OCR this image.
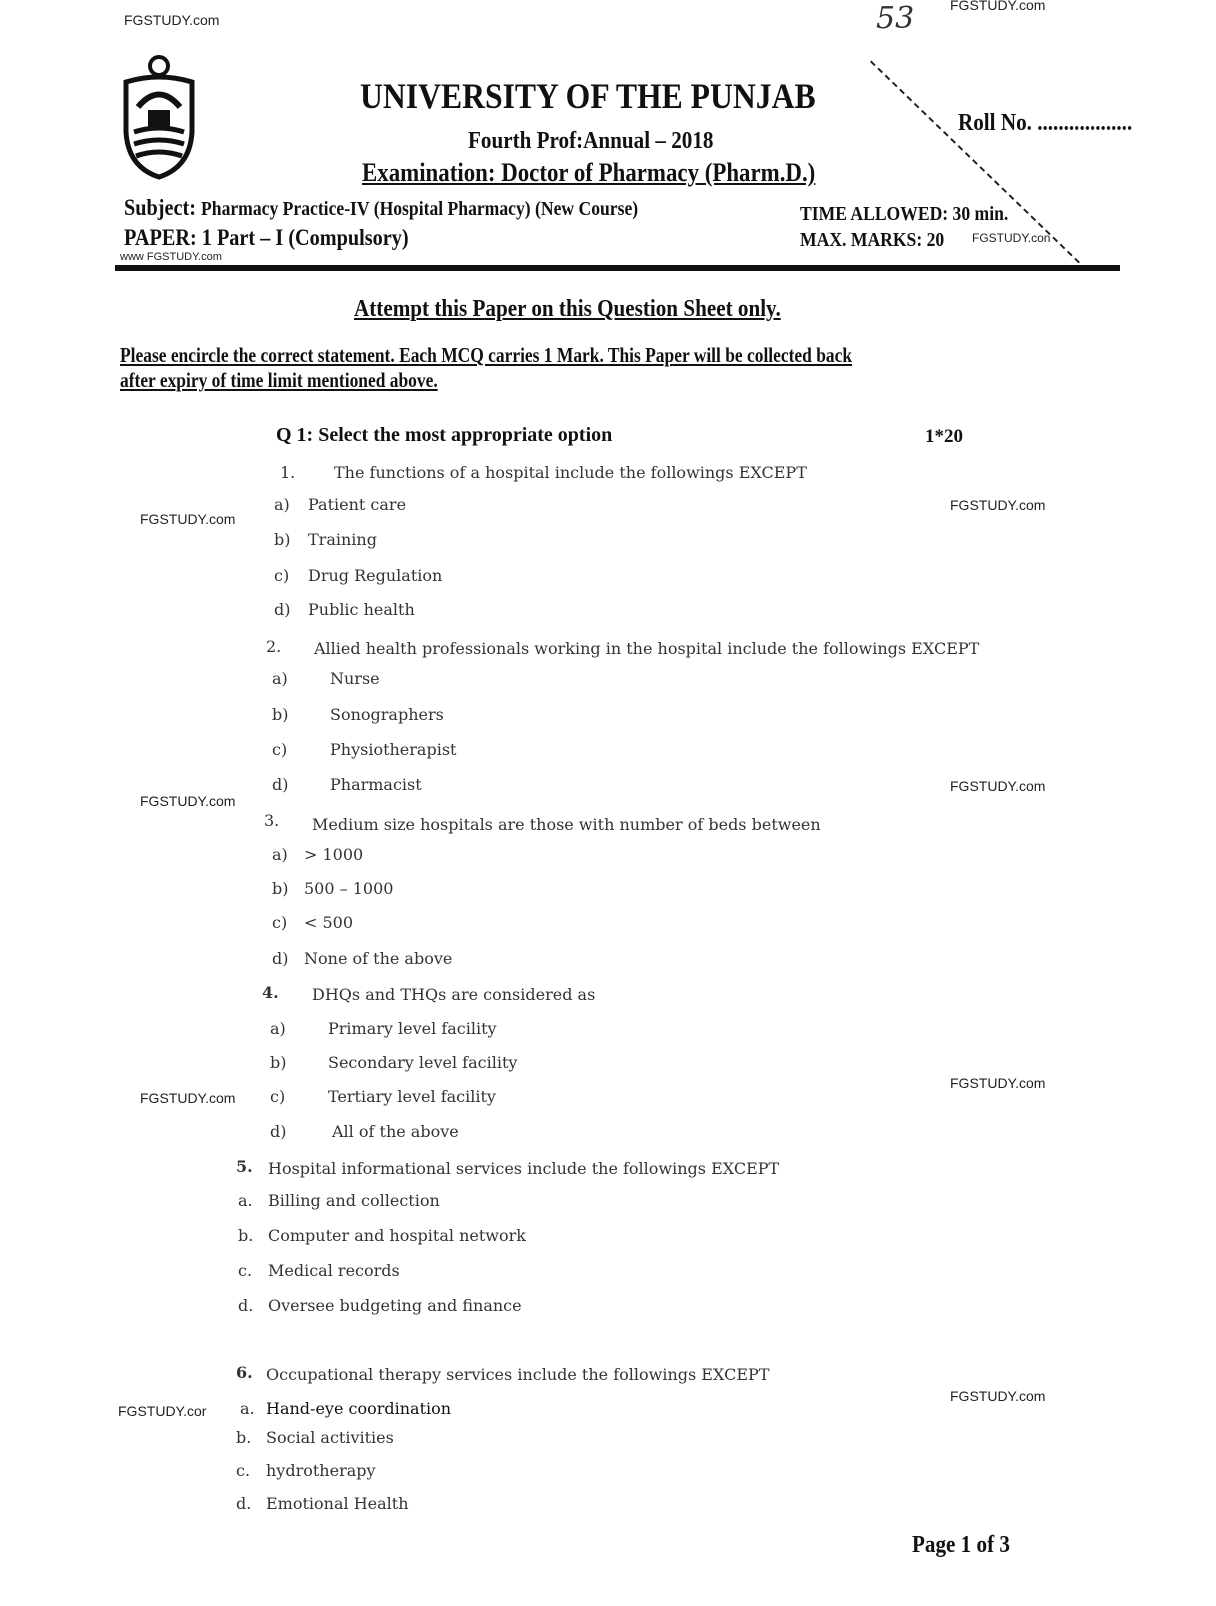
FGSTUDY.com
FGSTUDY.com
53
UNIVERSITY OF THE PUNJAB
Roll No. ..................
Fourth Prof:Annual – 2018
Examination: Doctor of Pharmacy (Pharm.D.)
Subject: Pharmacy Practice-IV (Hospital Pharmacy) (New Course)
PAPER: 1 Part – I (Compulsory)
TIME ALLOWED: 30 min.
MAX. MARKS: 20 FGSTUDY.con
www FGSTUDY.com
Attempt this Paper on this Question Sheet only.
Please encircle the correct statement. Each MCQ carries 1 Mark. This Paper will be collected back
after expiry of time limit mentioned above.
Q 1: Select the most appropriate option	1*20
1. The functions of a hospital include the followings EXCEPT
a) Patient care
b) Training
c) Drug Regulation
d) Public health
2. Allied health professionals working in the hospital include the followings EXCEPT
a)	Nurse
b)	Sonographers
c)	Physiotherapist
d)	Pharmacist
3. Medium size hospitals are those with number of beds between
a) > 1000
b) 500 – 1000
c) < 500
d) None of the above
4. DHQs and THQs are considered as
a)	Primary level facility
b)	Secondary level facility
c)	Tertiary level facility
d)	All of the above
5. Hospital informational services include the followings EXCEPT
a. Billing and collection
b. Computer and hospital network
c. Medical records
d. Oversee budgeting and finance
6. Occupational therapy services include the followings EXCEPT
a. Hand-eye coordination
b. Social activities
c. hydrotherapy
d. Emotional Health
FGSTUDY.com
FGSTUDY.com
FGSTUDY.com
FGSTUDY.com
FGSTUDY.com
FGSTUDY.com
FGSTUDY.com
FGSTUDY.cor
Page 1 of 3
